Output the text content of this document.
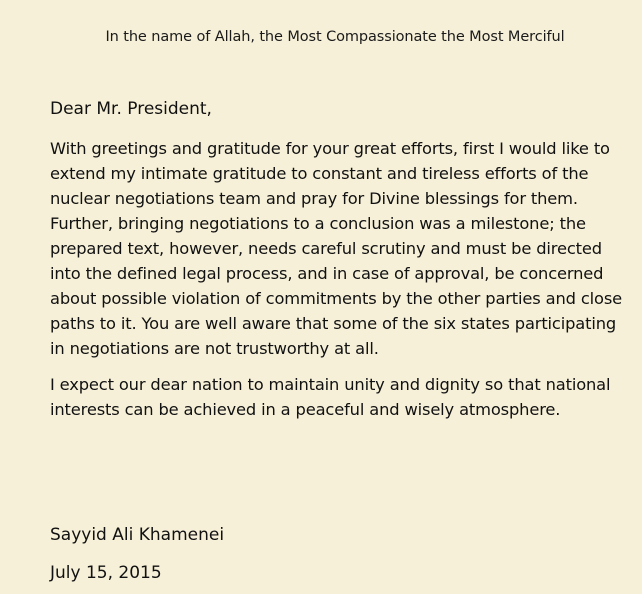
In the name of Allah, the Most Compassionate the Most Merciful
Dear Mr. President,

With greetings and gratitude for your great efforts, first I would like to extend my intimate gratitude to constant and tireless efforts of the nuclear negotiations team and pray for Divine blessings for them. Further, bringing negotiations to a conclusion was a milestone; the prepared text, however, needs careful scrutiny and must be directed into the defined legal process, and in case of approval, be concerned about possible violation of commitments by the other parties and close paths to it. You are well aware that some of the six states participating in negotiations are not trustworthy at all.

I expect our dear nation to maintain unity and dignity so that national interests can be achieved in a peaceful and wisely atmosphere.

Sayyid Ali Khamenei
July 15, 2015
